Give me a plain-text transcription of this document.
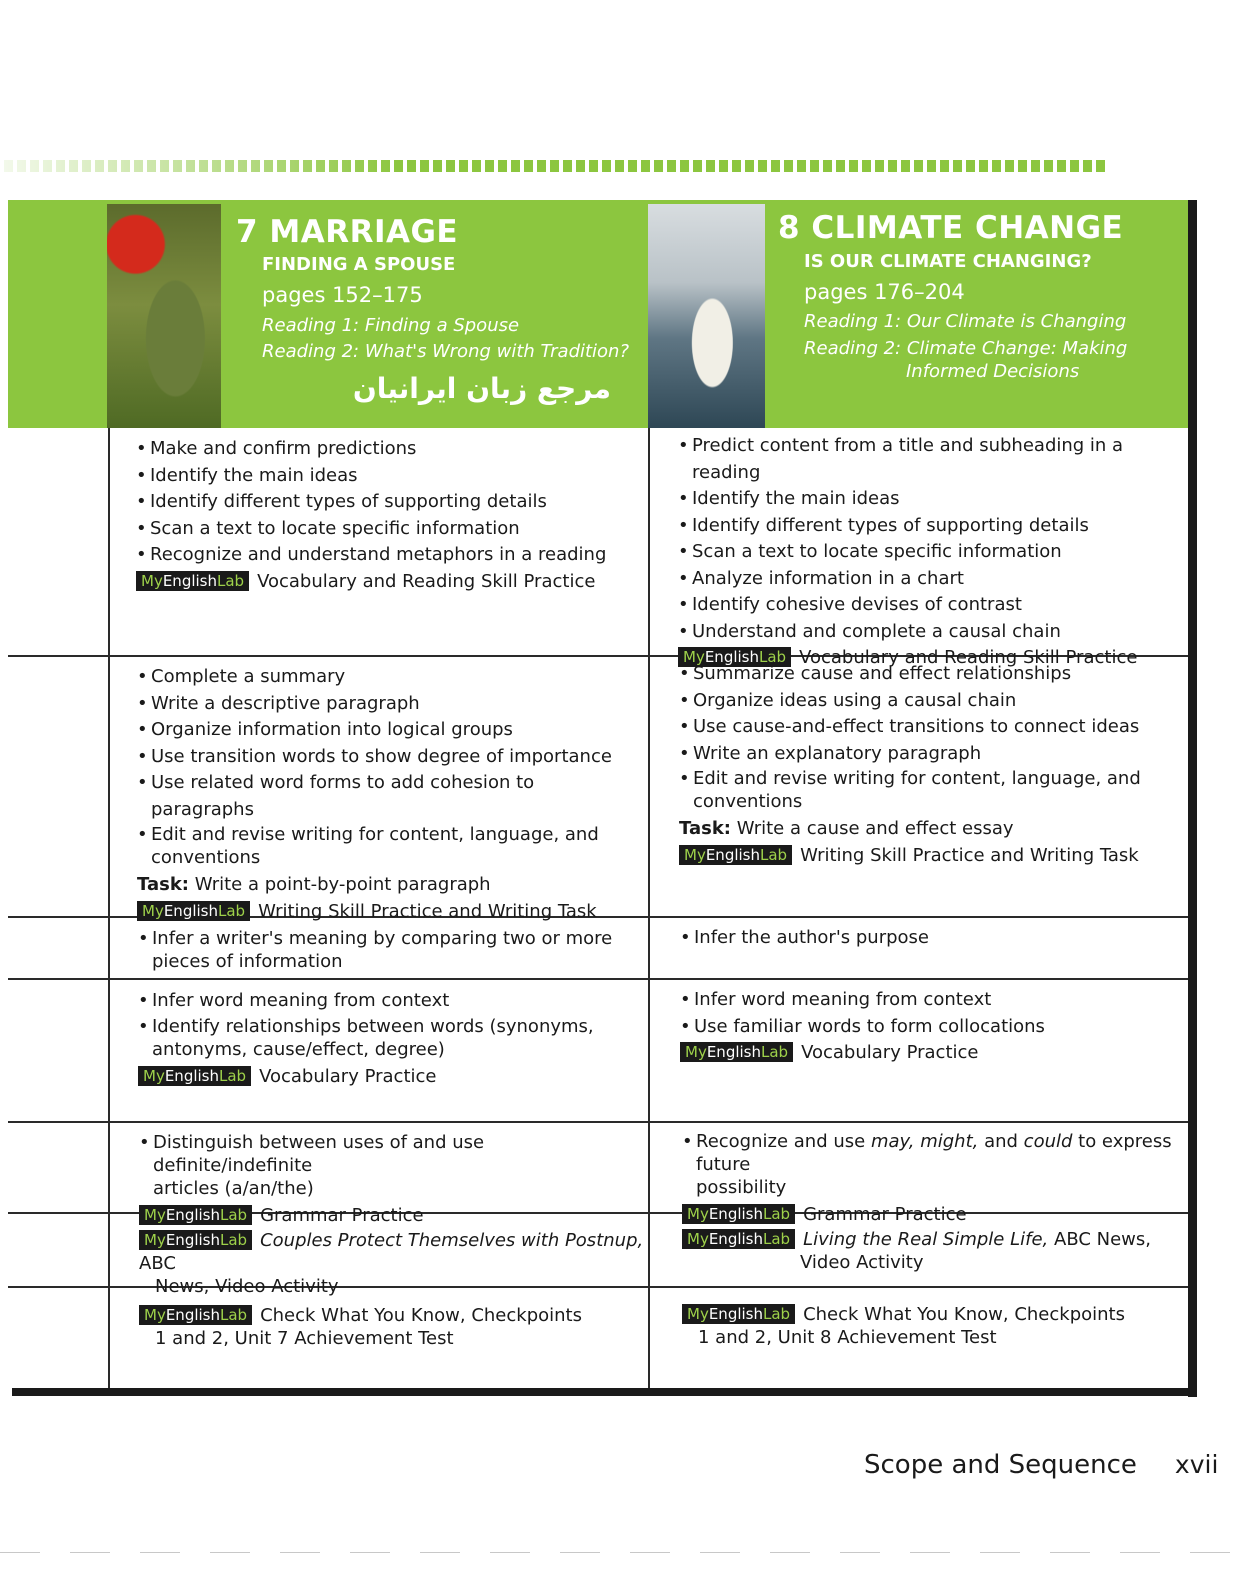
7 MARRIAGE
FINDING A SPOUSE
pages 152–175
Reading 1: Finding a Spouse
Reading 2: What's Wrong with Tradition?
مرجع زبان ایرانیان
8 CLIMATE CHANGE
IS OUR CLIMATE CHANGING?
pages 176–204
Reading 1: Our Climate is Changing
Reading 2: Climate Change: Making
Informed Decisions
• Make and confirm predictions
• Identify the main ideas
• Identify different types of supporting details
• Scan a text to locate specific information
• Recognize and understand metaphors in a reading
MyEnglishLab Vocabulary and Reading Skill Practice
• Predict content from a title and subheading in a reading
• Identify the main ideas
• Identify different types of supporting details
• Scan a text to locate specific information
• Analyze information in a chart
• Identify cohesive devises of contrast
• Understand and complete a causal chain
MyEnglishLab Vocabulary and Reading Skill Practice
• Complete a summary
• Write a descriptive paragraph
• Organize information into logical groups
• Use transition words to show degree of importance
• Use related word forms to add cohesion to paragraphs
• Edit and revise writing for content, language, and
conventions
Task: Write a point-by-point paragraph
MyEnglishLab Writing Skill Practice and Writing Task
• Summarize cause and effect relationships
• Organize ideas using a causal chain
• Use cause-and-effect transitions to connect ideas
• Write an explanatory paragraph
• Edit and revise writing for content, language, and
conventions
Task: Write a cause and effect essay
MyEnglishLab Writing Skill Practice and Writing Task
• Infer a writer's meaning by comparing two or more
pieces of information
• Infer the author's purpose
• Infer word meaning from context
• Identify relationships between words (synonyms,
antonyms, cause/effect, degree)
MyEnglishLab Vocabulary Practice
• Infer word meaning from context
• Use familiar words to form collocations
MyEnglishLab Vocabulary Practice
• Distinguish between uses of and use definite/indefinite
articles (a/an/the)
MyEnglishLab Grammar Practice
• Recognize and use may, might, and could to express future
possibility
MyEnglishLab Grammar Practice
MyEnglishLab Couples Protect Themselves with Postnup, ABC
News, Video Activity
MyEnglishLab Living the Real Simple Life, ABC News,
Video Activity
MyEnglishLab Check What You Know, Checkpoints
1 and 2, Unit 7 Achievement Test
MyEnglishLab Check What You Know, Checkpoints
1 and 2, Unit 8 Achievement Test
Scope and Sequence xvii
